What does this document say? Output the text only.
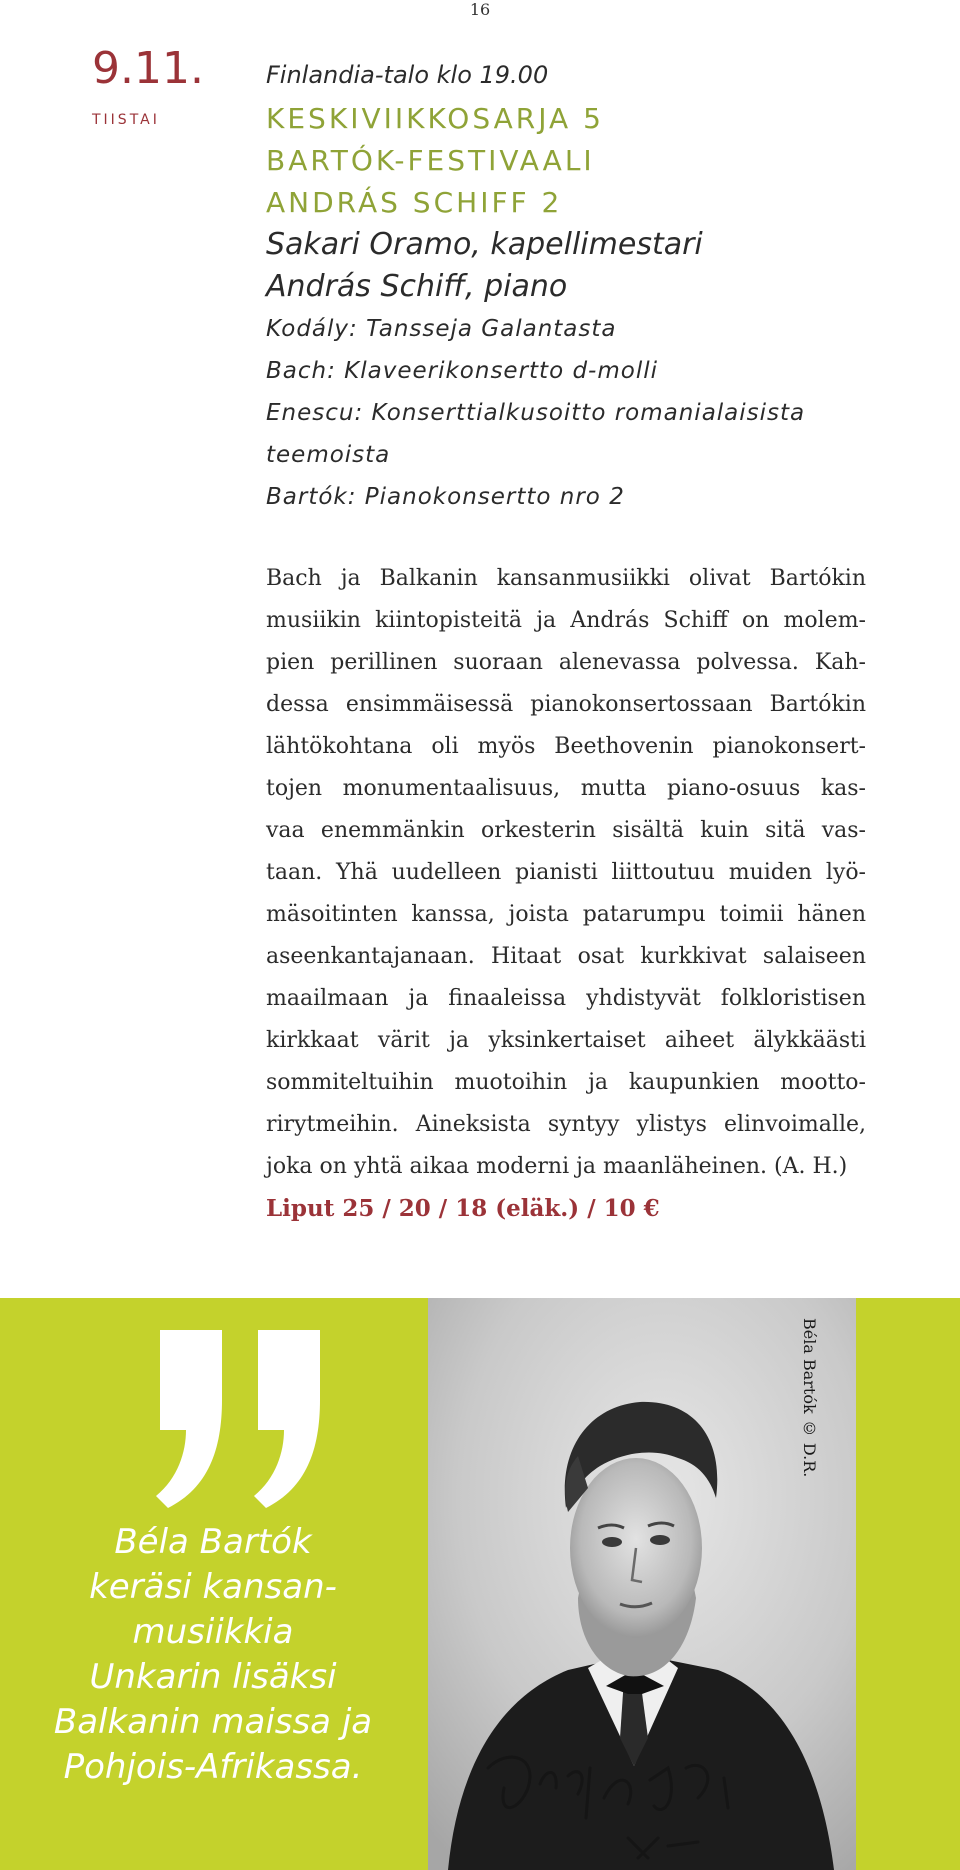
16
9.11.
TIISTAI
Finlandia-talo klo 19.00
KESKIVIIKKOSARJA 5
BARTÓK-FESTIVAALI
ANDRÁS SCHIFF 2
Sakari Oramo, kapellimestari
András Schiff, piano
Kodály: Tansseja Galantasta
Bach: Klaveerikonsertto d-molli
Enescu: Konserttialkusoitto romanialaisista
teemoista
Bartók: Pianokonsertto nro 2
Bach ja Balkanin kansanmusiikki olivat Bartókin
musiikin kiintopisteitä ja András Schiff on molem-
pien perillinen suoraan alenevassa polvessa. Kah-
dessa ensimmäisessä pianokonsertossaan Bartókin
lähtökohtana oli myös Beethovenin pianokonsert-
tojen monumentaalisuus, mutta piano-osuus kas-
vaa enemmänkin orkesterin sisältä kuin sitä vas-
taan. Yhä uudelleen pianisti liittoutuu muiden lyö-
mäsoitinten kanssa, joista patarumpu toimii hänen
aseenkantajanaan. Hitaat osat kurkkivat salaiseen
maailmaan ja finaaleissa yhdistyvät folkloristisen
kirkkaat värit ja yksinkertaiset aiheet älykkäästi
sommiteltuihin muotoihin ja kaupunkien mootto-
rirytmeihin. Aineksista syntyy ylistys elinvoimalle,
joka on yhtä aikaa moderni ja maanläheinen. (A. H.)
Liput 25 / 20 / 18 (eläk.) / 10 €
Béla Bartók
keräsi kansan-
musiikkia
Unkarin lisäksi
Balkanin maissa ja
Pohjois-Afrikassa.
Béla Bartók © D.R.
